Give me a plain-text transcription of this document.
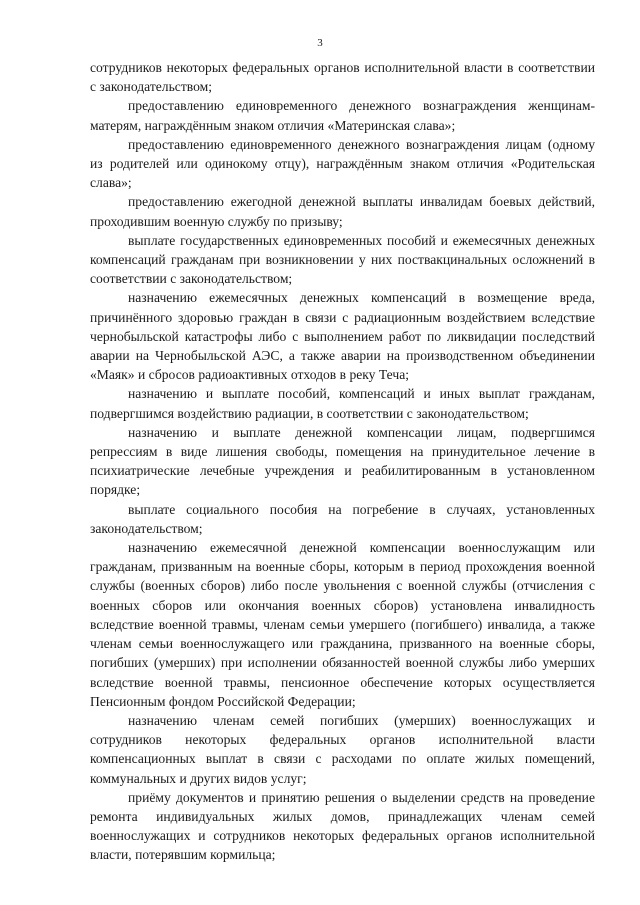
3

сотрудников некоторых федеральных органов исполнительной власти в соответствии с законодательством;

предоставлению единовременного денежного вознаграждения женщинам-матерям, награждённым знаком отличия «Материнская слава»;

предоставлению единовременного денежного вознаграждения лицам (одному из родителей или одинокому отцу), награждённым знаком отличия «Родительская слава»;

предоставлению ежегодной денежной выплаты инвалидам боевых действий, проходившим военную службу по призыву;

выплате государственных единовременных пособий и ежемесячных денежных компенсаций гражданам при возникновении у них поствакцинальных осложнений в соответствии с законодательством;

назначению ежемесячных денежных компенсаций в возмещение вреда, причинённого здоровью граждан в связи с радиационным воздействием вследствие чернобыльской катастрофы либо с выполнением работ по ликвидации последствий аварии на Чернобыльской АЭС, а также аварии на производственном объединении «Маяк» и сбросов радиоактивных отходов в реку Теча;

назначению и выплате пособий, компенсаций и иных выплат гражданам, подвергшимся воздействию радиации, в соответствии с законодательством;

назначению и выплате денежной компенсации лицам, подвергшимся репрессиям в виде лишения свободы, помещения на принудительное лечение в психиатрические лечебные учреждения и реабилитированным в установленном порядке;

выплате социального пособия на погребение в случаях, установленных законодательством;

назначению ежемесячной денежной компенсации военнослужащим или гражданам, призванным на военные сборы, которым в период прохождения военной службы (военных сборов) либо после увольнения с военной службы (отчисления с военных сборов или окончания военных сборов) установлена инвалидность вследствие военной травмы, членам семьи умершего (погибшего) инвалида, а также членам семьи военнослужащего или гражданина, призванного на военные сборы, погибших (умерших) при исполнении обязанностей военной службы либо умерших вследствие военной травмы, пенсионное обеспечение которых осуществляется Пенсионным фондом Российской Федерации;

назначению членам семей погибших (умерших) военнослужащих и сотрудников некоторых федеральных органов исполнительной власти компенсационных выплат в связи с расходами по оплате жилых помещений, коммунальных и других видов услуг;

приёму документов и принятию решения о выделении средств на проведение ремонта индивидуальных жилых домов, принадлежащих членам семей военнослужащих и сотрудников некоторых федеральных органов исполнительной власти, потерявшим кормильца;
